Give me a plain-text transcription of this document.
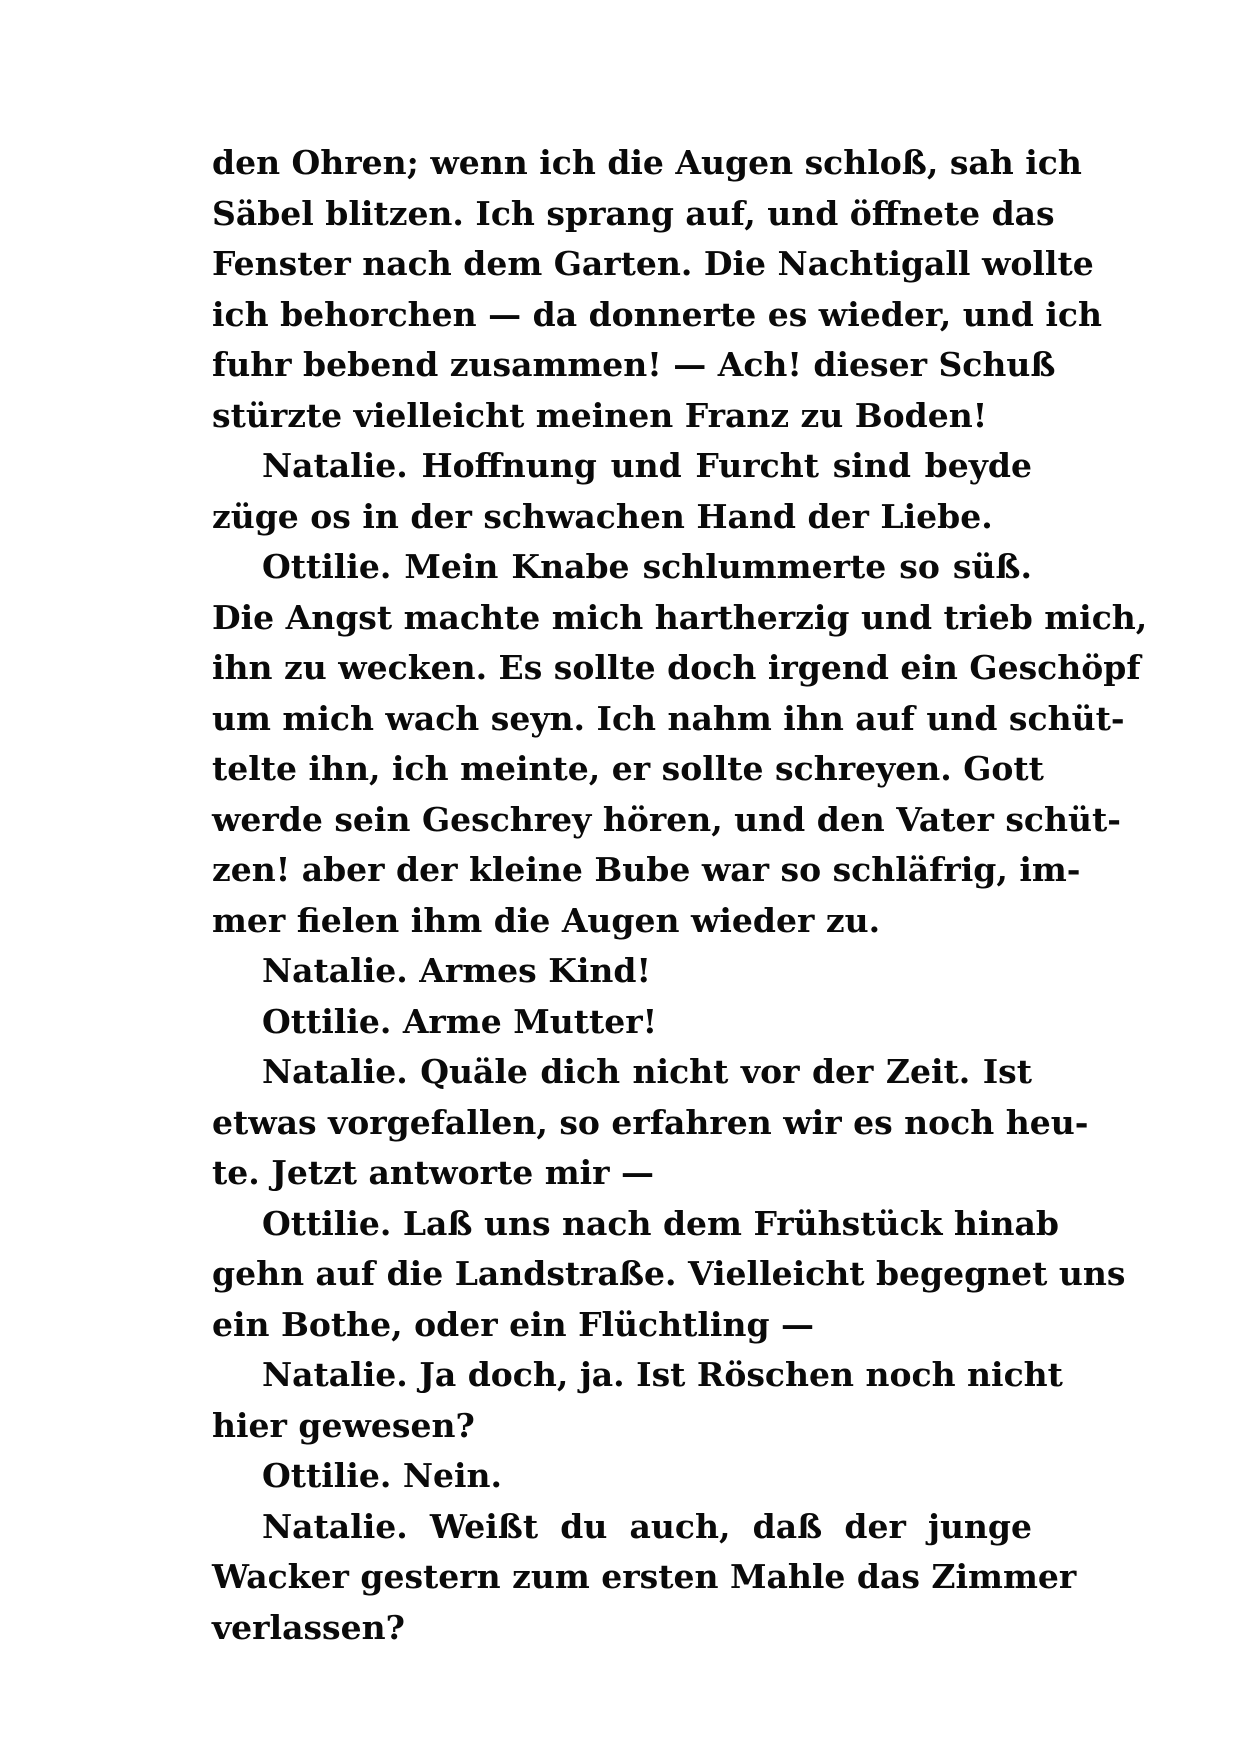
den Ohren; wenn ich die Augen schloß, sah ich
Säbel blitzen. Ich sprang auf, und öffnete das
Fenster nach dem Garten. Die Nachtigall wollte
ich behorchen — da donnerte es wieder, und ich
fuhr bebend zusammen! — Ach! dieser Schuß
stürzte vielleicht meinen Franz zu Boden!
Natalie. Hoffnung und Furcht sind beyde
züge os in der schwachen Hand der Liebe.
Ottilie. Mein Knabe schlummerte so süß.
Die Angst machte mich hartherzig und trieb mich,
ihn zu wecken. Es sollte doch irgend ein Geschöpf
um mich wach seyn. Ich nahm ihn auf und schüt-
telte ihn, ich meinte, er sollte schreyen. Gott
werde sein Geschrey hören, und den Vater schüt-
zen! aber der kleine Bube war so schläfrig, im-
mer fielen ihm die Augen wieder zu.
Natalie. Armes Kind!
Ottilie. Arme Mutter!
Natalie. Quäle dich nicht vor der Zeit. Ist
etwas vorgefallen, so erfahren wir es noch heu-
te. Jetzt antworte mir —
Ottilie. Laß uns nach dem Frühstück hinab
gehn auf die Landstraße. Vielleicht begegnet uns
ein Bothe, oder ein Flüchtling —
Natalie. Ja doch, ja. Ist Röschen noch nicht
hier gewesen?
Ottilie. Nein.
Natalie. Weißt du auch, daß der junge
Wacker gestern zum ersten Mahle das Zimmer
verlassen?
